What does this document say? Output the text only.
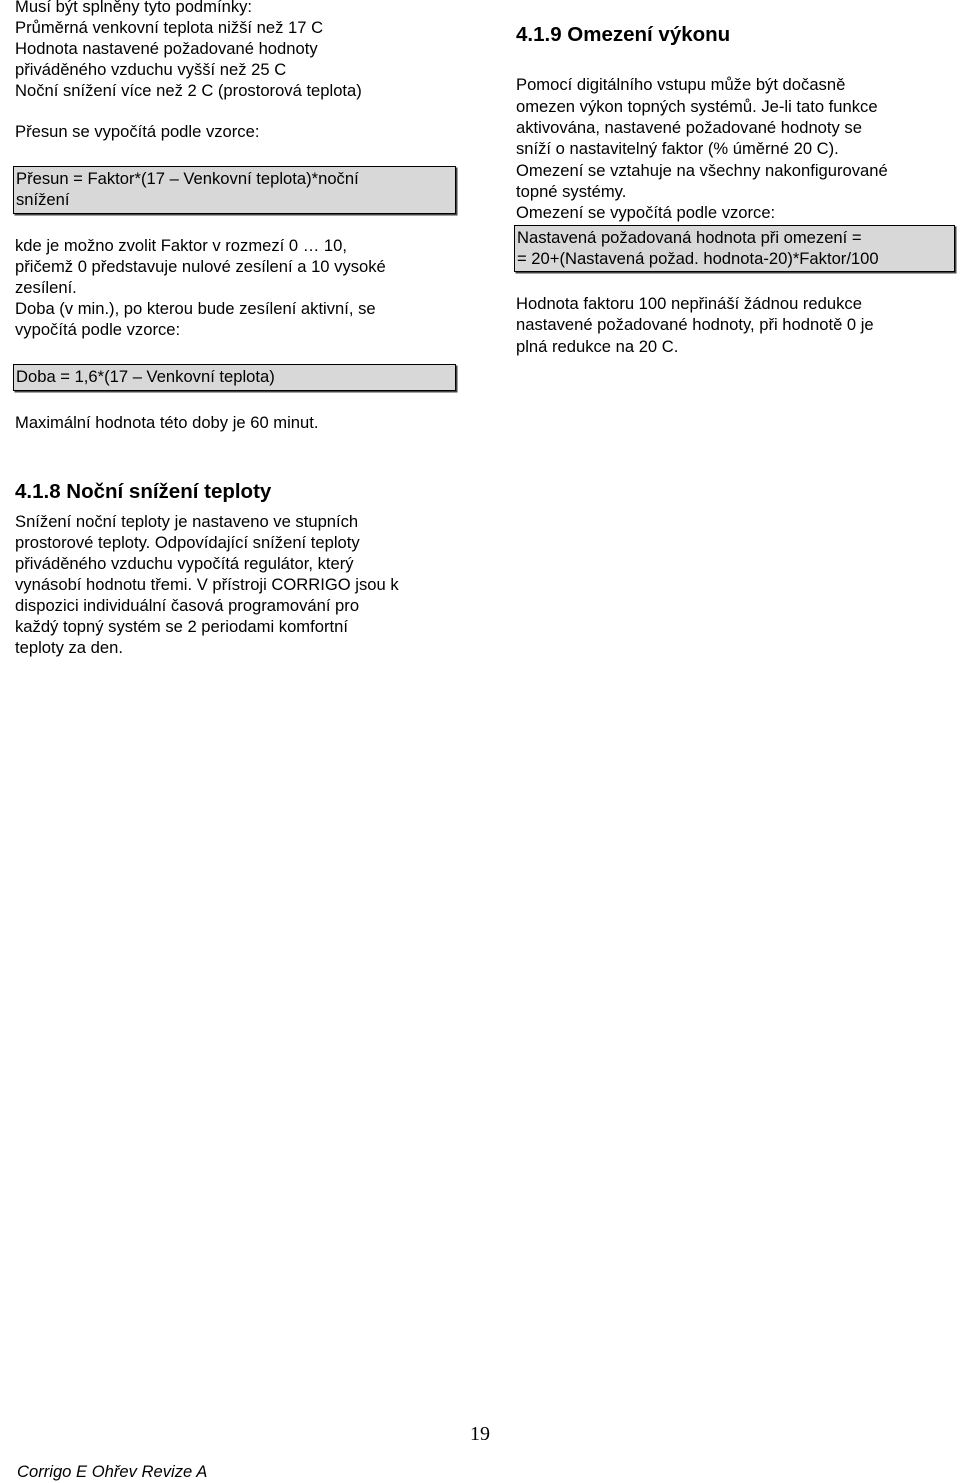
Musí být splněny tyto podmínky:
Průměrná venkovní teplota nižší než 17 C
Hodnota nastavené požadované hodnoty
přiváděného vzduchu vyšší než 25 C
Noční snížení více než 2 C (prostorová teplota)
Přesun se vypočítá podle vzorce:
Přesun = Faktor*(17 – Venkovní teplota)*noční
snížení
kde je možno zvolit Faktor v rozmezí 0 … 10,
přičemž 0 představuje nulové zesílení a 10 vysoké
zesílení.
Doba (v min.), po kterou bude zesílení aktivní, se
vypočítá podle vzorce:
Doba = 1,6*(17 – Venkovní teplota)
Maximální hodnota této doby je 60 minut.
4.1.8 Noční snížení teploty
Snížení noční teploty je nastaveno ve stupních
prostorové teploty. Odpovídající snížení teploty
přiváděného vzduchu vypočítá regulátor, který
vynásobí hodnotu třemi. V přístroji CORRIGO jsou k
dispozici individuální časová programování pro
každý topný systém se 2 periodami komfortní
teploty za den.
4.1.9 Omezení výkonu
Pomocí digitálního vstupu může být dočasně
omezen výkon topných systémů. Je-li tato funkce
aktivována, nastavené požadované hodnoty se
sníží o nastavitelný faktor (% úměrné 20 C).
Omezení se vztahuje na všechny nakonfigurované
topné systémy.
Omezení se vypočítá podle vzorce:
Nastavená požadovaná hodnota při omezení =
= 20+(Nastavená požad. hodnota-20)*Faktor/100
Hodnota faktoru 100 nepřináší žádnou redukce
nastavené požadované hodnoty, při hodnotě 0 je
plná redukce na 20 C.
19
Corrigo E Ohřev Revize A
